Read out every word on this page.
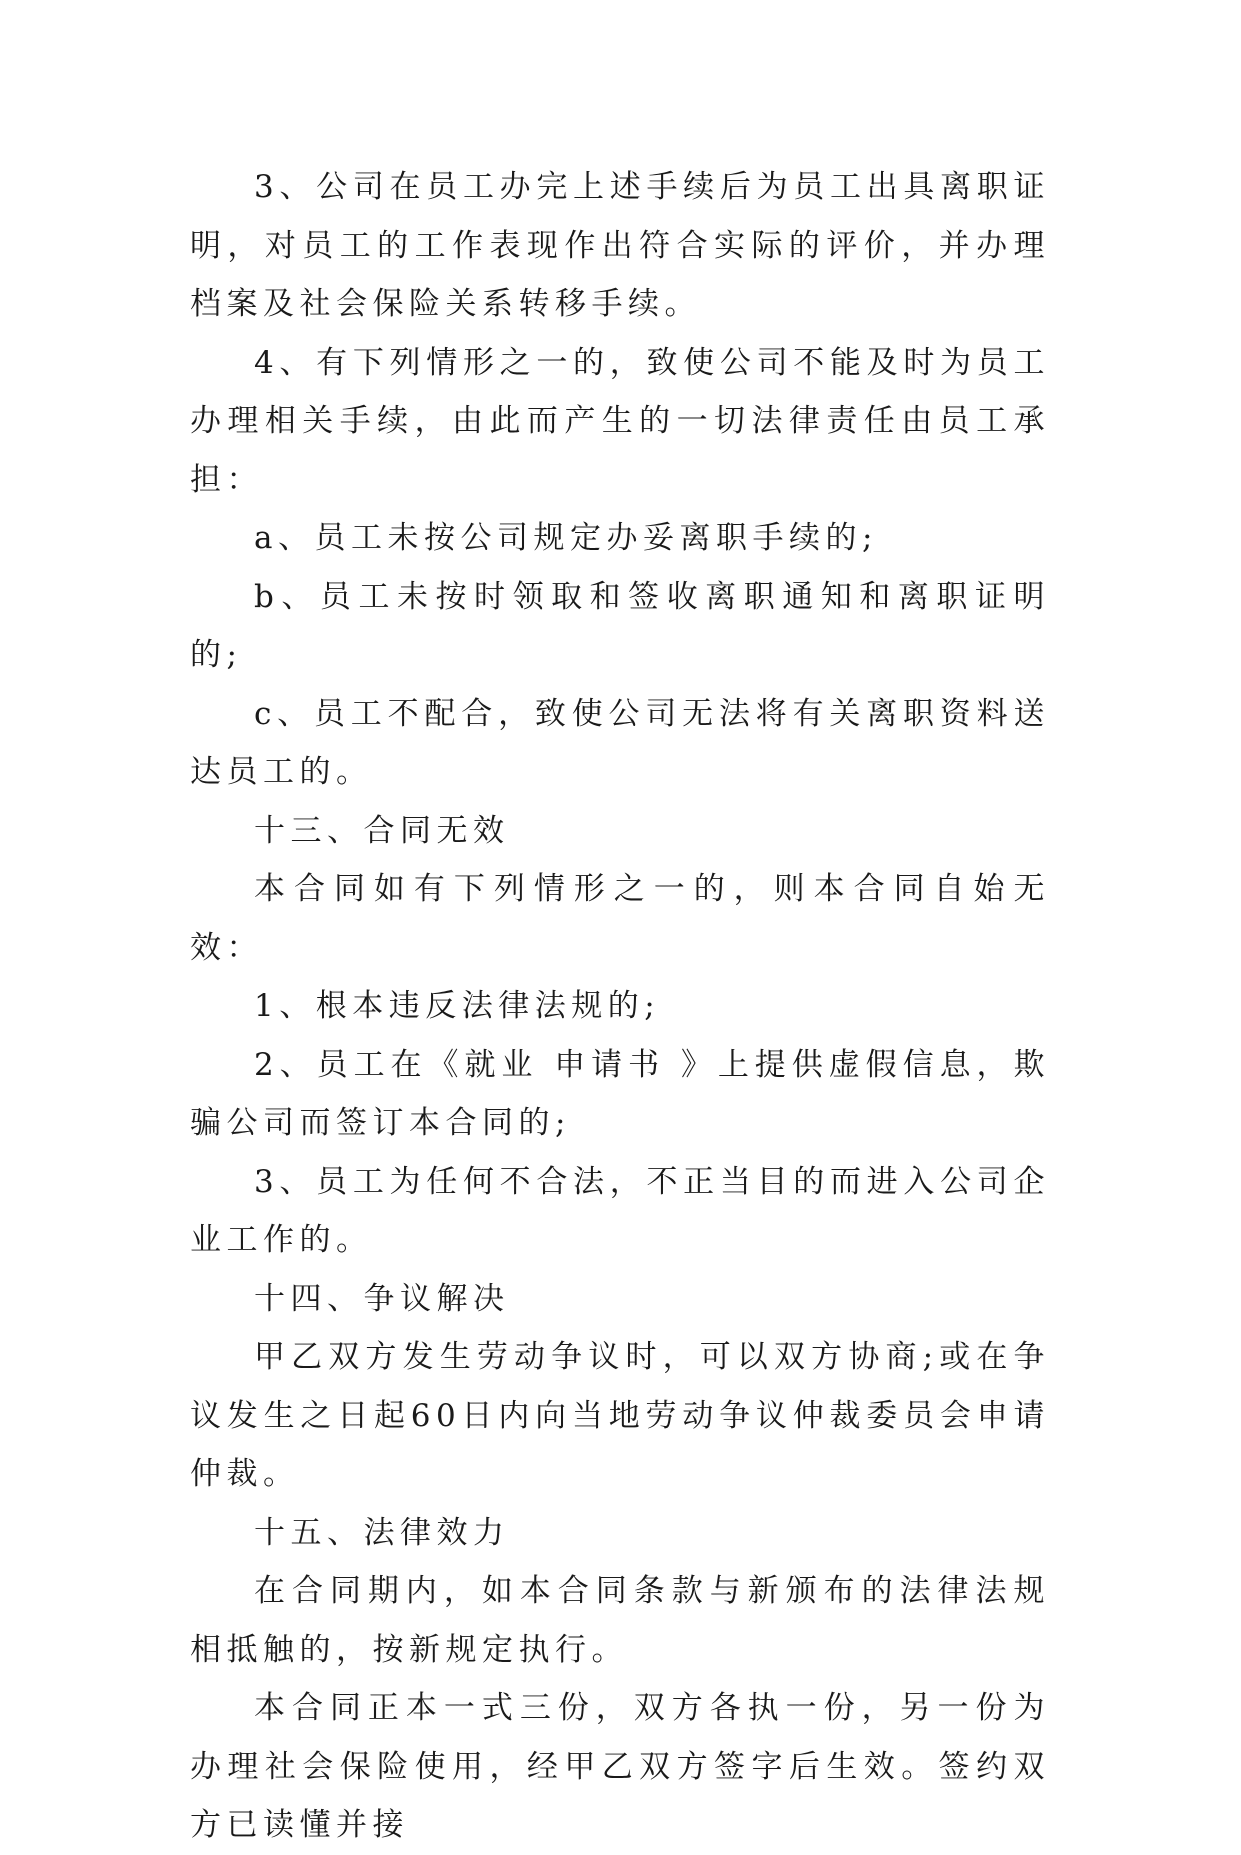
3、公司在员工办完上述手续后为员工出具离职证明，对员工的工作表现作出符合实际的评价，并办理档案及社会保险关系转移手续。

4、有下列情形之一的，致使公司不能及时为员工办理相关手续，由此而产生的一切法律责任由员工承担：

a、员工未按公司规定办妥离职手续的;

b、员工未按时领取和签收离职通知和离职证明的;

c、员工不配合，致使公司无法将有关离职资料送达员工的。

十三、合同无效

本合同如有下列情形之一的，则本合同自始无效：

1、根本违反法律法规的;

2、员工在《就业 申请书 》上提供虚假信息，欺骗公司而签订本合同的;

3、员工为任何不合法，不正当目的而进入公司企业工作的。

十四、争议解决

甲乙双方发生劳动争议时，可以双方协商;或在争议发生之日起60日内向当地劳动争议仲裁委员会申请仲裁。

十五、法律效力

在合同期内，如本合同条款与新颁布的法律法规相抵触的，按新规定执行。

本合同正本一式三份，双方各执一份，另一份为办理社会保险使用，经甲乙双方签字后生效。签约双方已读懂并接
